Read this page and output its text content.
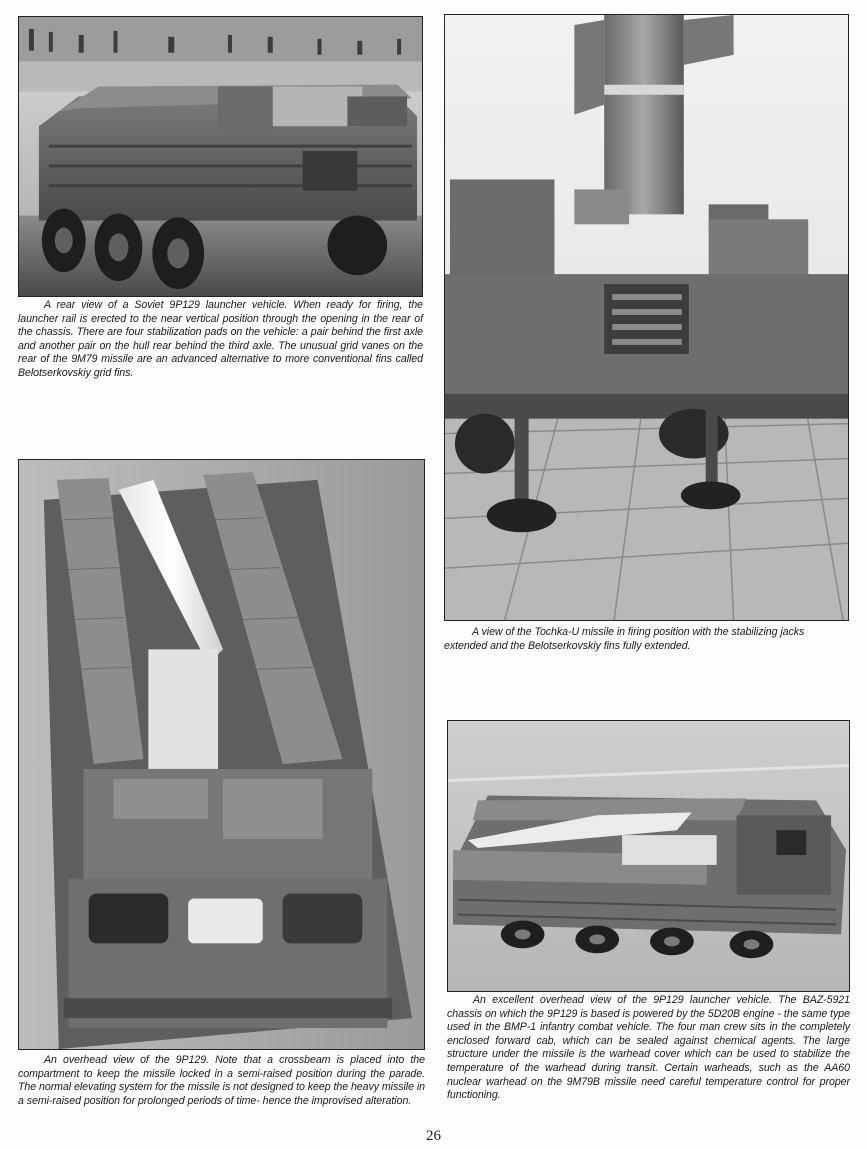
A rear view of a Soviet 9P129 launcher vehicle. When ready for firing, the launcher rail is erected to the near vertical position through the opening in the rear of the chassis. There are four stabilization pads on the vehicle: a pair behind the first axle and another pair on the hull rear behind the third axle. The unusual grid vanes on the rear of the 9M79 missile are an advanced alternative to more conventional fins called Belotserkovskiy grid fins.

A view of the Tochka-U missile in firing position with the stabilizing jacks extended and the Belotserkovskiy fins fully extended.

An overhead view of the 9P129. Note that a crossbeam is placed into the compartment to keep the missile locked in a semi-raised position during the parade. The normal elevating system for the missile is not designed to keep the heavy missile in a semi-raised position for prolonged periods of time- hence the improvised alteration.

An excellent overhead view of the 9P129 launcher vehicle. The BAZ-5921 chassis on which the 9P129 is based is powered by the 5D20B engine - the same type used in the BMP-1 infantry combat vehicle. The four man crew sits in the completely enclosed forward cab, which can be sealed against chemical agents. The large structure under the missile is the warhead cover which can be used to stabilize the temperature of the warhead during transit. Certain warheads, such as the AA60 nuclear warhead on the 9M79B missile need careful temperature control for proper functioning.

26
